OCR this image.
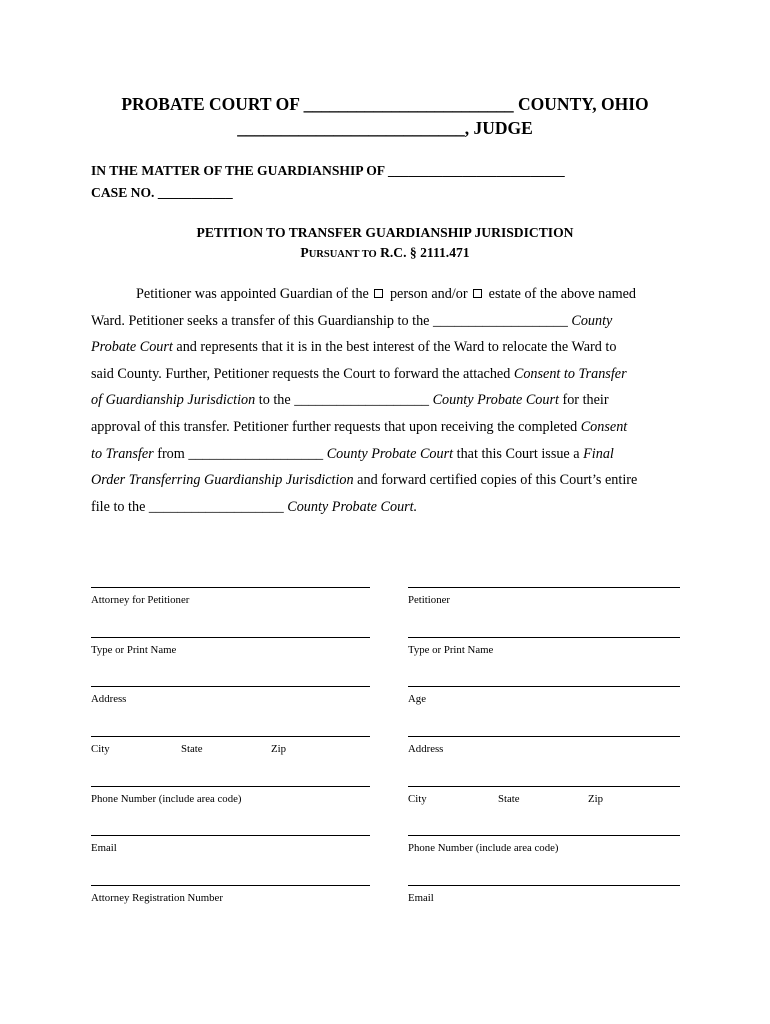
PROBATE COURT OF ________________________ COUNTY, OHIO
__________________________, JUDGE
IN THE MATTER OF THE GUARDIANSHIP OF __________________________
CASE NO. ___________
PETITION TO TRANSFER GUARDIANSHIP JURISDICTION
PURSUANT TO R.C. § 2111.471
Petitioner was appointed Guardian of the  person and/or  estate of the above named
Ward. Petitioner seeks a transfer of this Guardianship to the ___________________ County
Probate Court and represents that it is in the best interest of the Ward to relocate the Ward to
said County. Further, Petitioner requests the Court to forward the attached Consent to Transfer
of Guardianship Jurisdiction to the ___________________ County Probate Court for their
approval of this transfer. Petitioner further requests that upon receiving the completed Consent
to Transfer from ___________________ County Probate Court that this Court issue a Final
Order Transferring Guardianship Jurisdiction and forward certified copies of this Court’s entire
file to the ___________________ County Probate Court.
Attorney for Petitioner
Type or Print Name
Address
City	State	Zip
Phone Number (include area code)
Email
Attorney Registration Number
Petitioner
Type or Print Name
Age
Address
City	State	Zip
Phone Number (include area code)
Email
